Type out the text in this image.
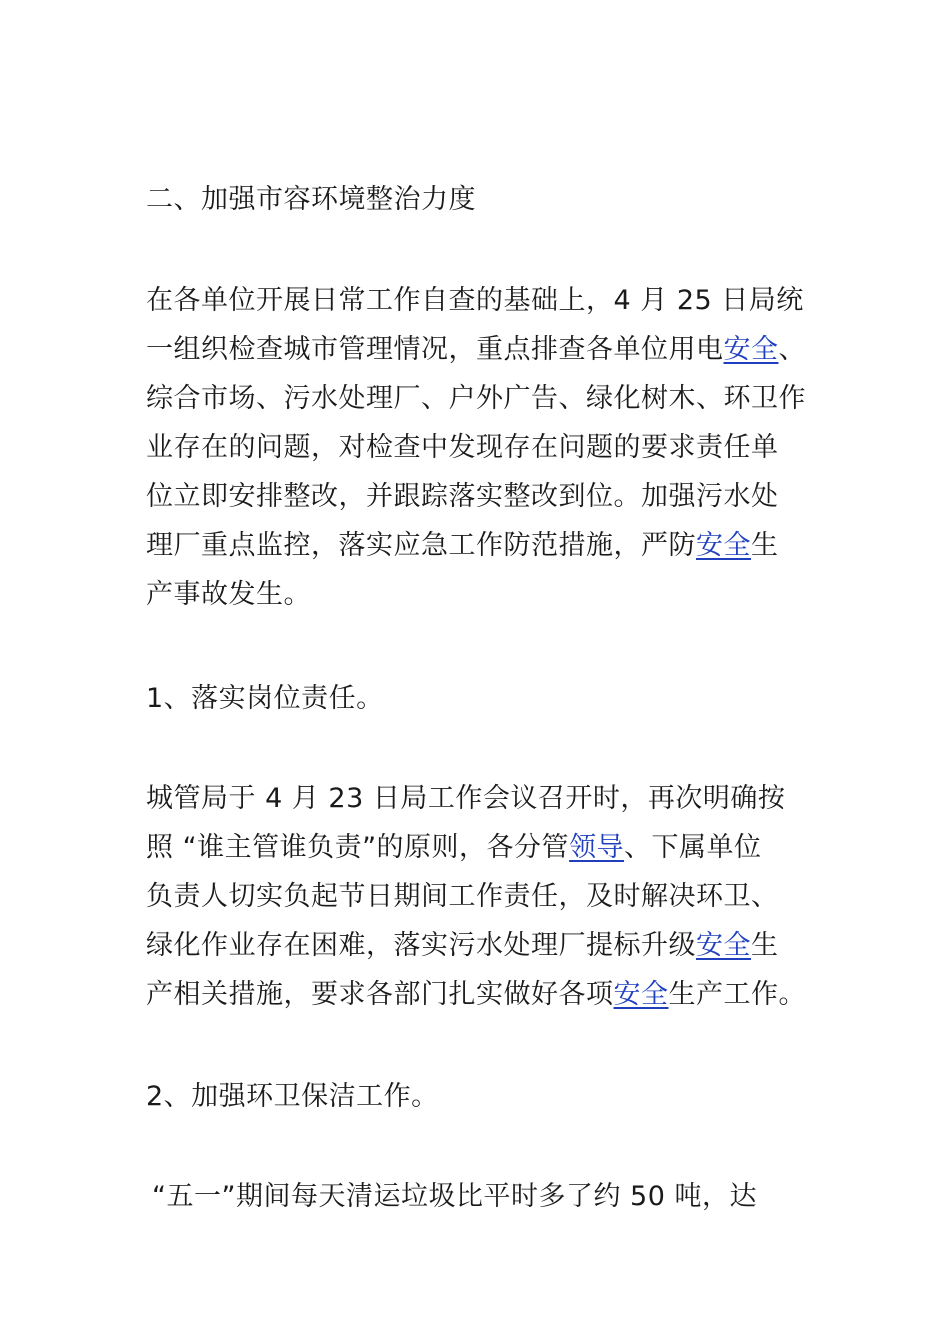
二、加强市容环境整治力度

在各单位开展日常工作自查的基础上，4 月 25 日局统
一组织检查城市管理情况，重点排查各单位用电安全、
综合市场、污水处理厂、户外广告、绿化树木、环卫作
业存在的问题，对检查中发现存在问题的要求责任单
位立即安排整改，并跟踪落实整改到位。加强污水处
理厂重点监控，落实应急工作防范措施，严防安全生
产事故发生。

1、落实岗位责任。

城管局于 4 月 23 日局工作会议召开时，再次明确按
照 “谁主管谁负责”的原则，各分管领导、下属单位
负责人切实负起节日期间工作责任，及时解决环卫、
绿化作业存在困难，落实污水处理厂提标升级安全生
产相关措施，要求各部门扎实做好各项安全生产工作。

2、加强环卫保洁工作。

“五一”期间每天清运垃圾比平时多了约 50 吨，达
